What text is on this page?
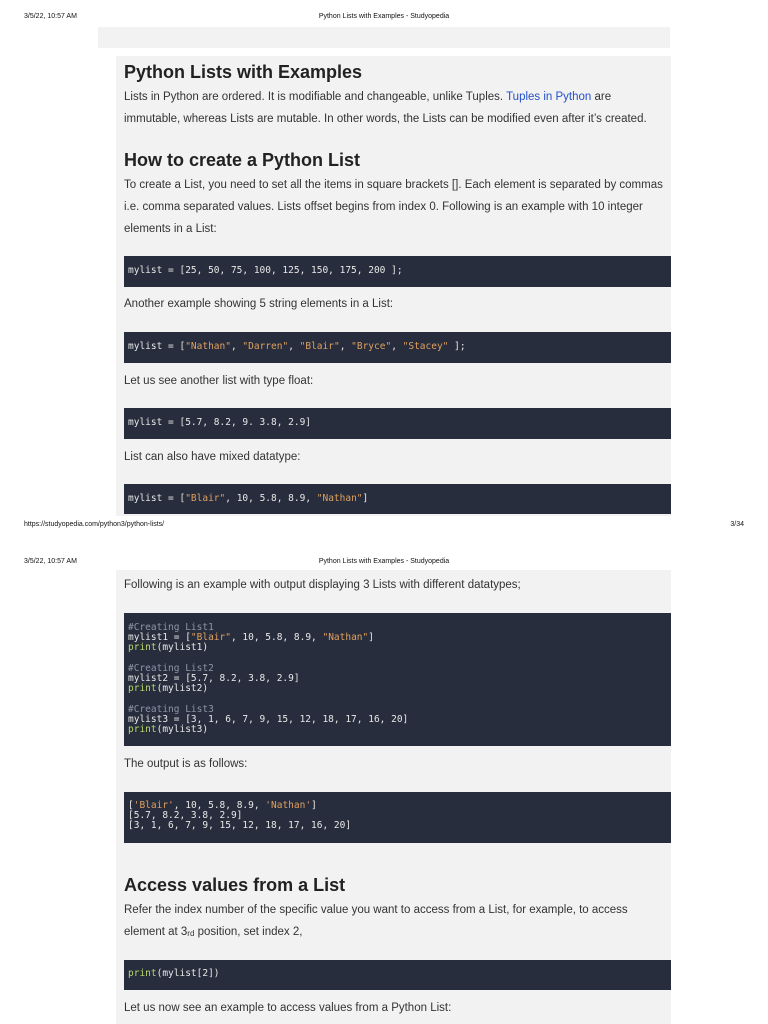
3/5/22, 10:57 AM	Python Lists with Examples - Studyopedia
Python Lists with Examples
Lists in Python are ordered. It is modifiable and changeable, unlike Tuples. Tuples in Python are
immutable, whereas Lists are mutable. In other words, the Lists can be modified even after it’s created.
How to create a Python List
To create a List, you need to set all the items in square brackets []. Each element is separated by commas
i.e. comma separated values. Lists offset begins from index 0. Following is an example with 10 integer
elements in a List:
mylist = [25, 50, 75, 100, 125, 150, 175, 200 ];
Another example showing 5 string elements in a List:
mylist = ["Nathan", "Darren", "Blair", "Bryce", "Stacey" ];
Let us see another list with type float:
mylist = [5.7, 8.2, 9. 3.8, 2.9]
List can also have mixed datatype:
mylist = ["Blair", 10, 5.8, 8.9, "Nathan"]
https://studyopedia.com/python3/python-lists/	3/34
3/5/22, 10:57 AM	Python Lists with Examples - Studyopedia
Following is an example with output displaying 3 Lists with different datatypes;
#Creating List1
mylist1 = ["Blair", 10, 5.8, 8.9, "Nathan"]
print(mylist1)
#Creating List2
mylist2 = [5.7, 8.2, 3.8, 2.9]
print(mylist2)
#Creating List3
mylist3 = [3, 1, 6, 7, 9, 15, 12, 18, 17, 16, 20]
print(mylist3)
The output is as follows:
['Blair', 10, 5.8, 8.9, 'Nathan']
[5.7, 8.2, 3.8, 2.9]
[3, 1, 6, 7, 9, 15, 12, 18, 17, 16, 20]
Access values from a List
Refer the index number of the specific value you want to access from a List, for example, to access
element at $3_{rd}$ position, set index 2,
print(mylist[2])
Let us now see an example to access values from a Python List:
